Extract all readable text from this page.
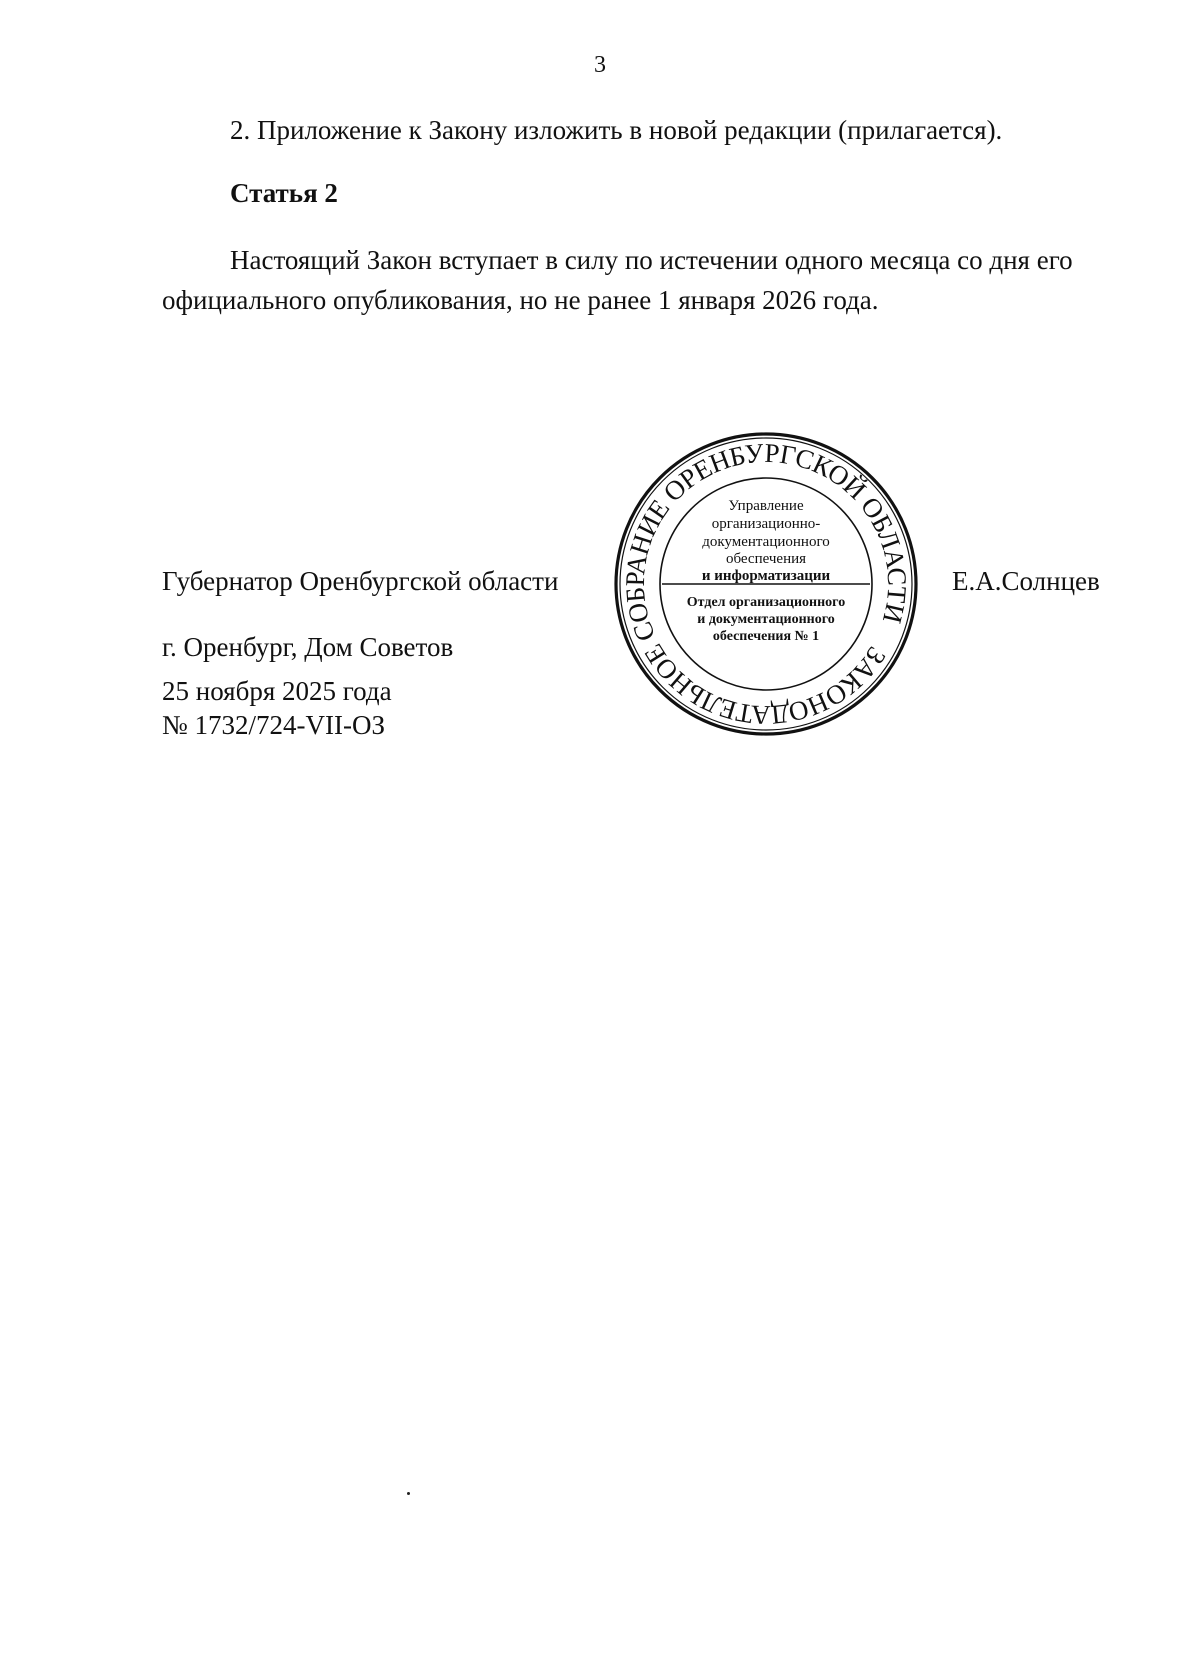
3
2. Приложение к Закону изложить в новой редакции (прилагается).
Статья 2
Настоящий Закон вступает в силу по истечении одного месяца со дня его
официального опубликования, но не ранее 1 января 2026 года.
Губернатор Оренбургской области	Е.А.Солнцев
г. Оренбург, Дом Советов
25 ноября 2025 года
№ 1732/724-VII-ОЗ
ЗАКОНОДАТЕЛЬНОЕ СОБРАНИЕ ОРЕНБУРГСКОЙ ОБЛАСТИ
Управление
организационно-
документационного
обеспечения
и информатизации
Отдел организационного
и документационного
обеспечения № 1
